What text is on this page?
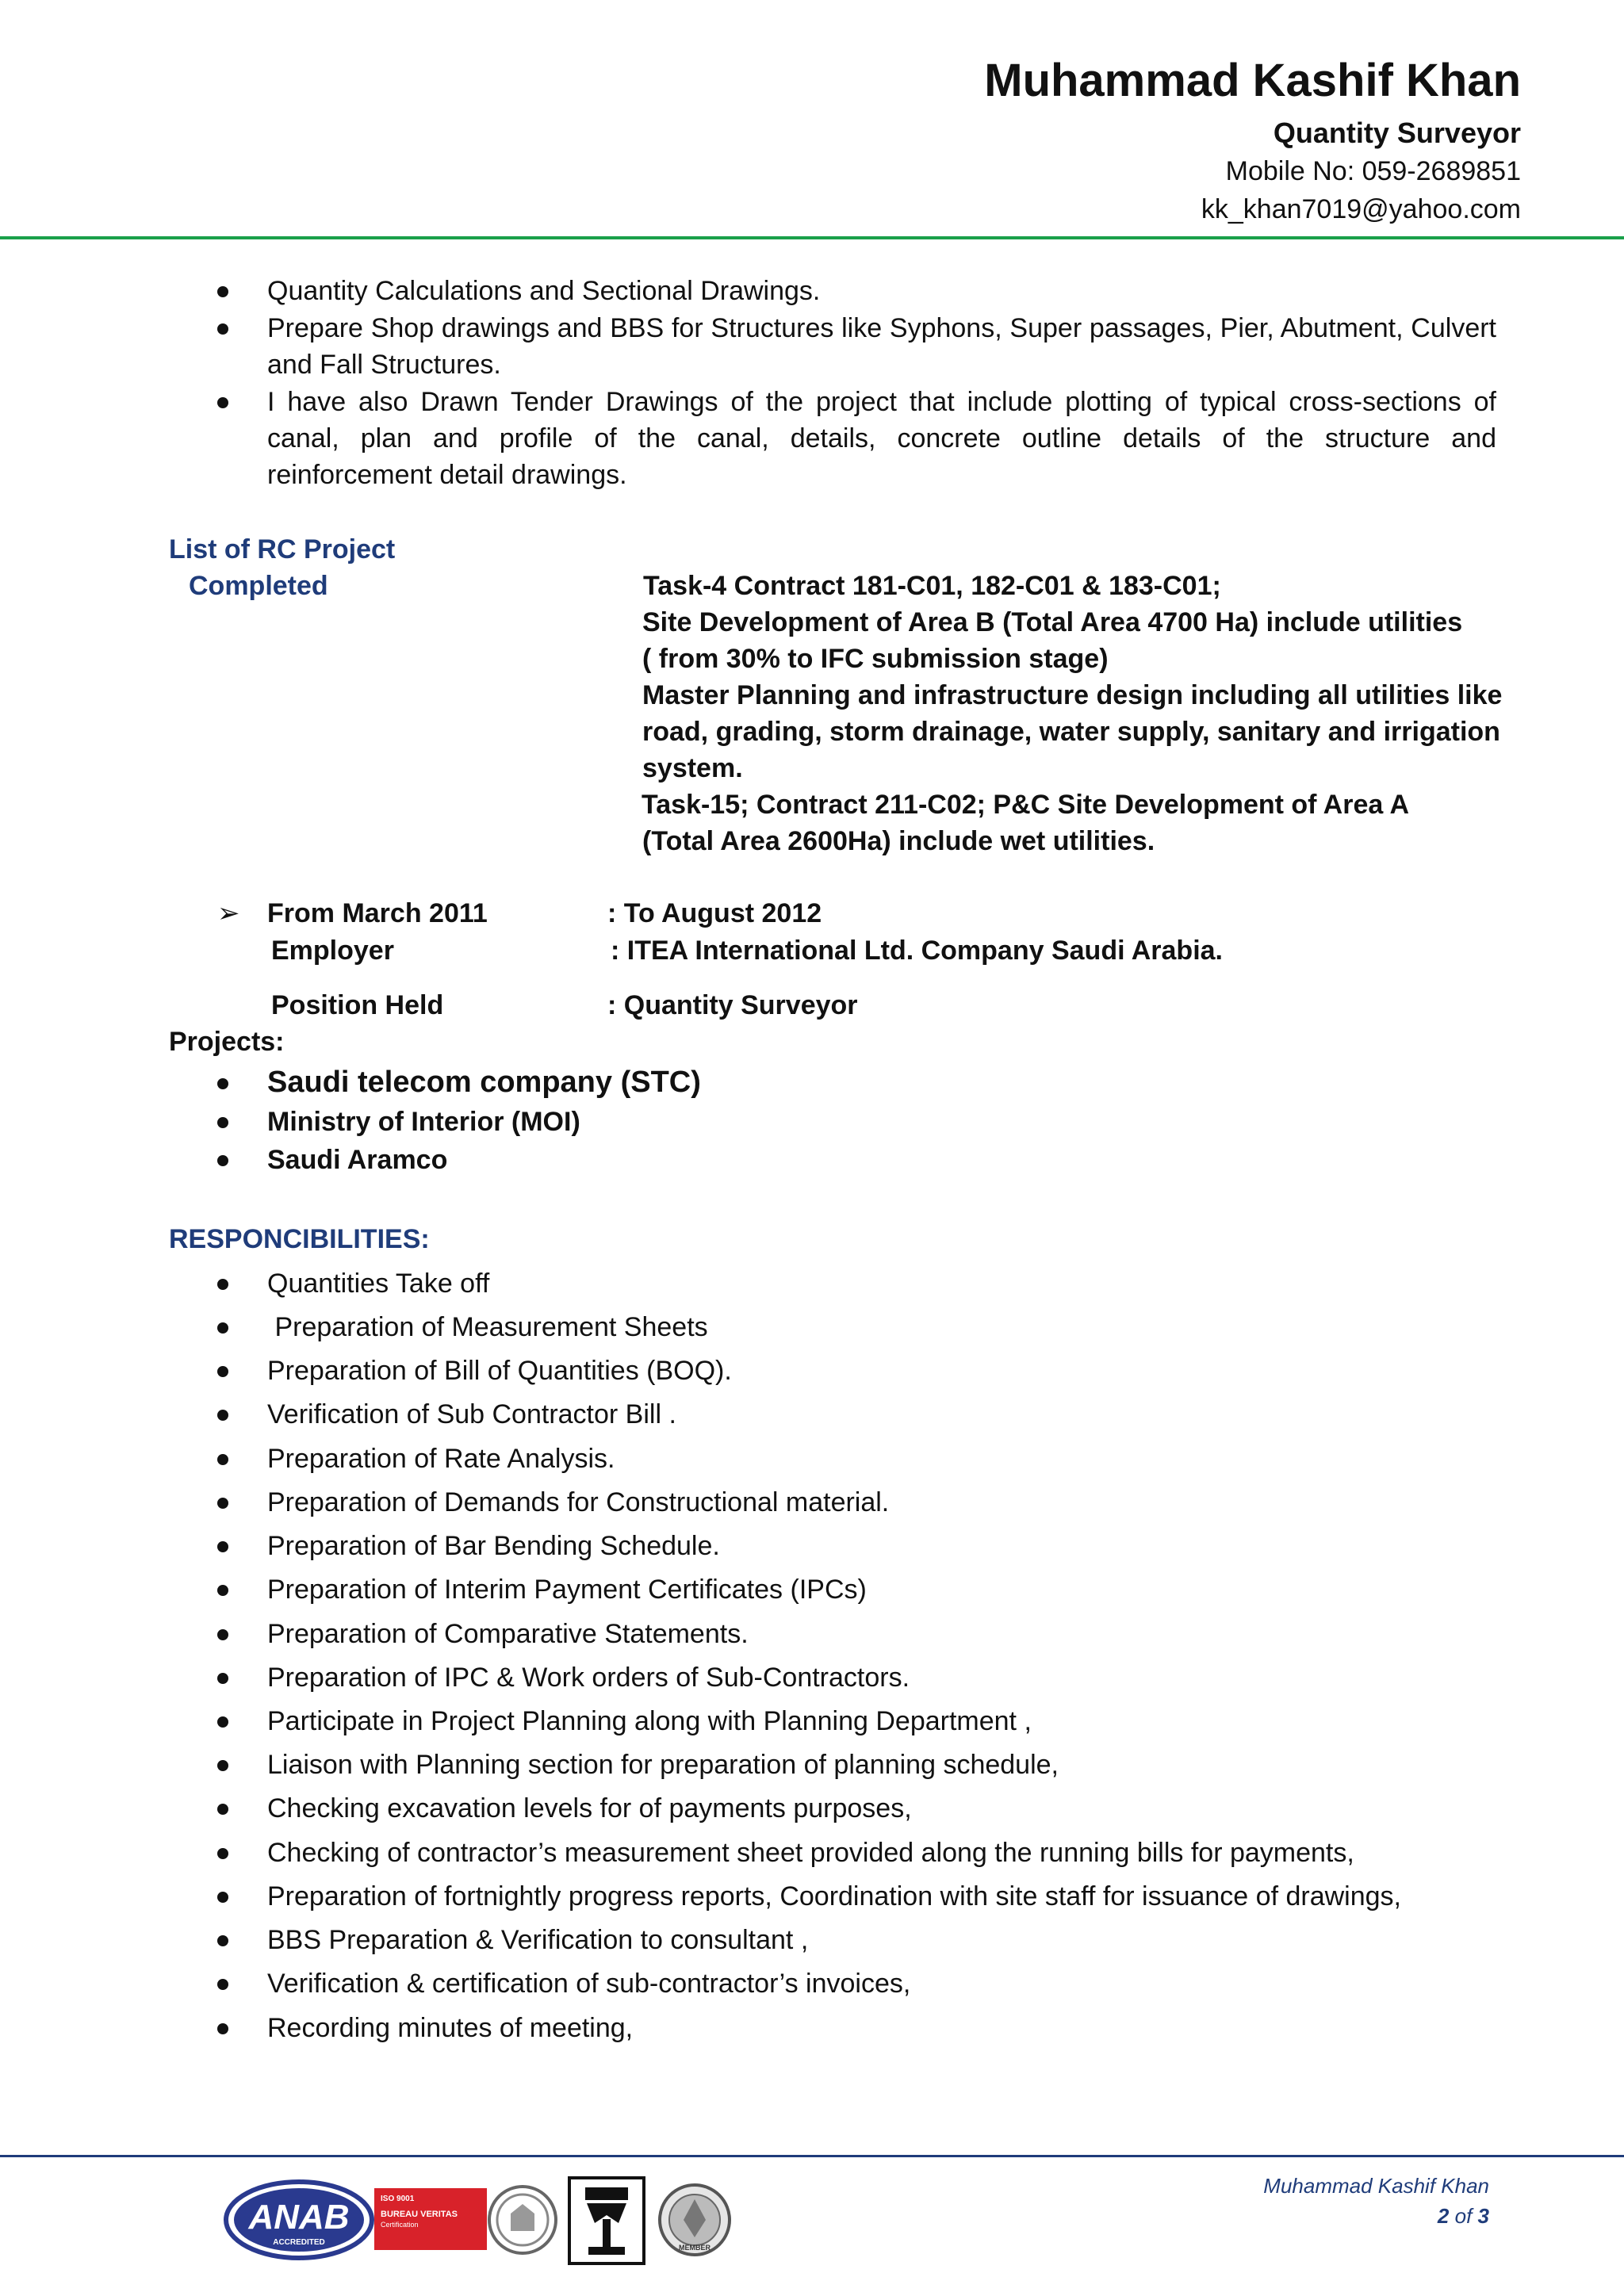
Muhammad Kashif Khan
Quantity Surveyor
Mobile No: 059-2689851
kk_khan7019@yahoo.com
Quantity Calculations and Sectional Drawings.
Prepare Shop drawings and BBS for Structures like Syphons, Super passages, Pier, Abutment, Culvert
and Fall Structures.
I have also Drawn Tender Drawings of the project that include plotting of typical cross-sections of
canal, plan and profile of the canal, details, concrete outline details of the structure and
reinforcement detail drawings.
List of RC Project
Completed	Task-4 Contract 181-C01, 182-C01 & 183-C01;
Site Development of Area B (Total Area 4700 Ha) include utilities
( from 30% to IFC submission stage)
Master Planning and infrastructure design including all utilities like
road, grading, storm drainage, water supply, sanitary and irrigation
system.
Task-15; Contract 211-C02; P&C Site Development of Area A
(Total Area 2600Ha) include wet utilities.
➢ From March 2011	: To August 2012
Employer	: ITEA International Ltd. Company Saudi Arabia.
Position Held	: Quantity Surveyor
Projects:
Saudi telecom company (STC)
Ministry of Interior (MOI)
Saudi Aramco
RESPONCIBILITIES:
Quantities Take off
Preparation of Measurement Sheets
Preparation of Bill of Quantities (BOQ).
Verification of Sub Contractor Bill .
Preparation of Rate Analysis.
Preparation of Demands for Constructional material.
Preparation of Bar Bending Schedule.
Preparation of Interim Payment Certificates (IPCs)
Preparation of Comparative Statements.
Preparation of IPC & Work orders of Sub-Contractors.
Participate in Project Planning along with Planning Department ,
Liaison with Planning section for preparation of planning schedule,
Checking excavation levels for of payments purposes,
Checking of contractor’s measurement sheet provided along the running bills for payments,
Preparation of fortnightly progress reports, Coordination with site staff for issuance of drawings,
BBS Preparation & Verification to consultant ,
Verification & certification of sub-contractor’s invoices,
Recording minutes of meeting,
Muhammad Kashif Khan
2 of 3
ANAB
ACCREDITED
ISO 9001
BUREAU VERITAS
Certification
MEMBER
